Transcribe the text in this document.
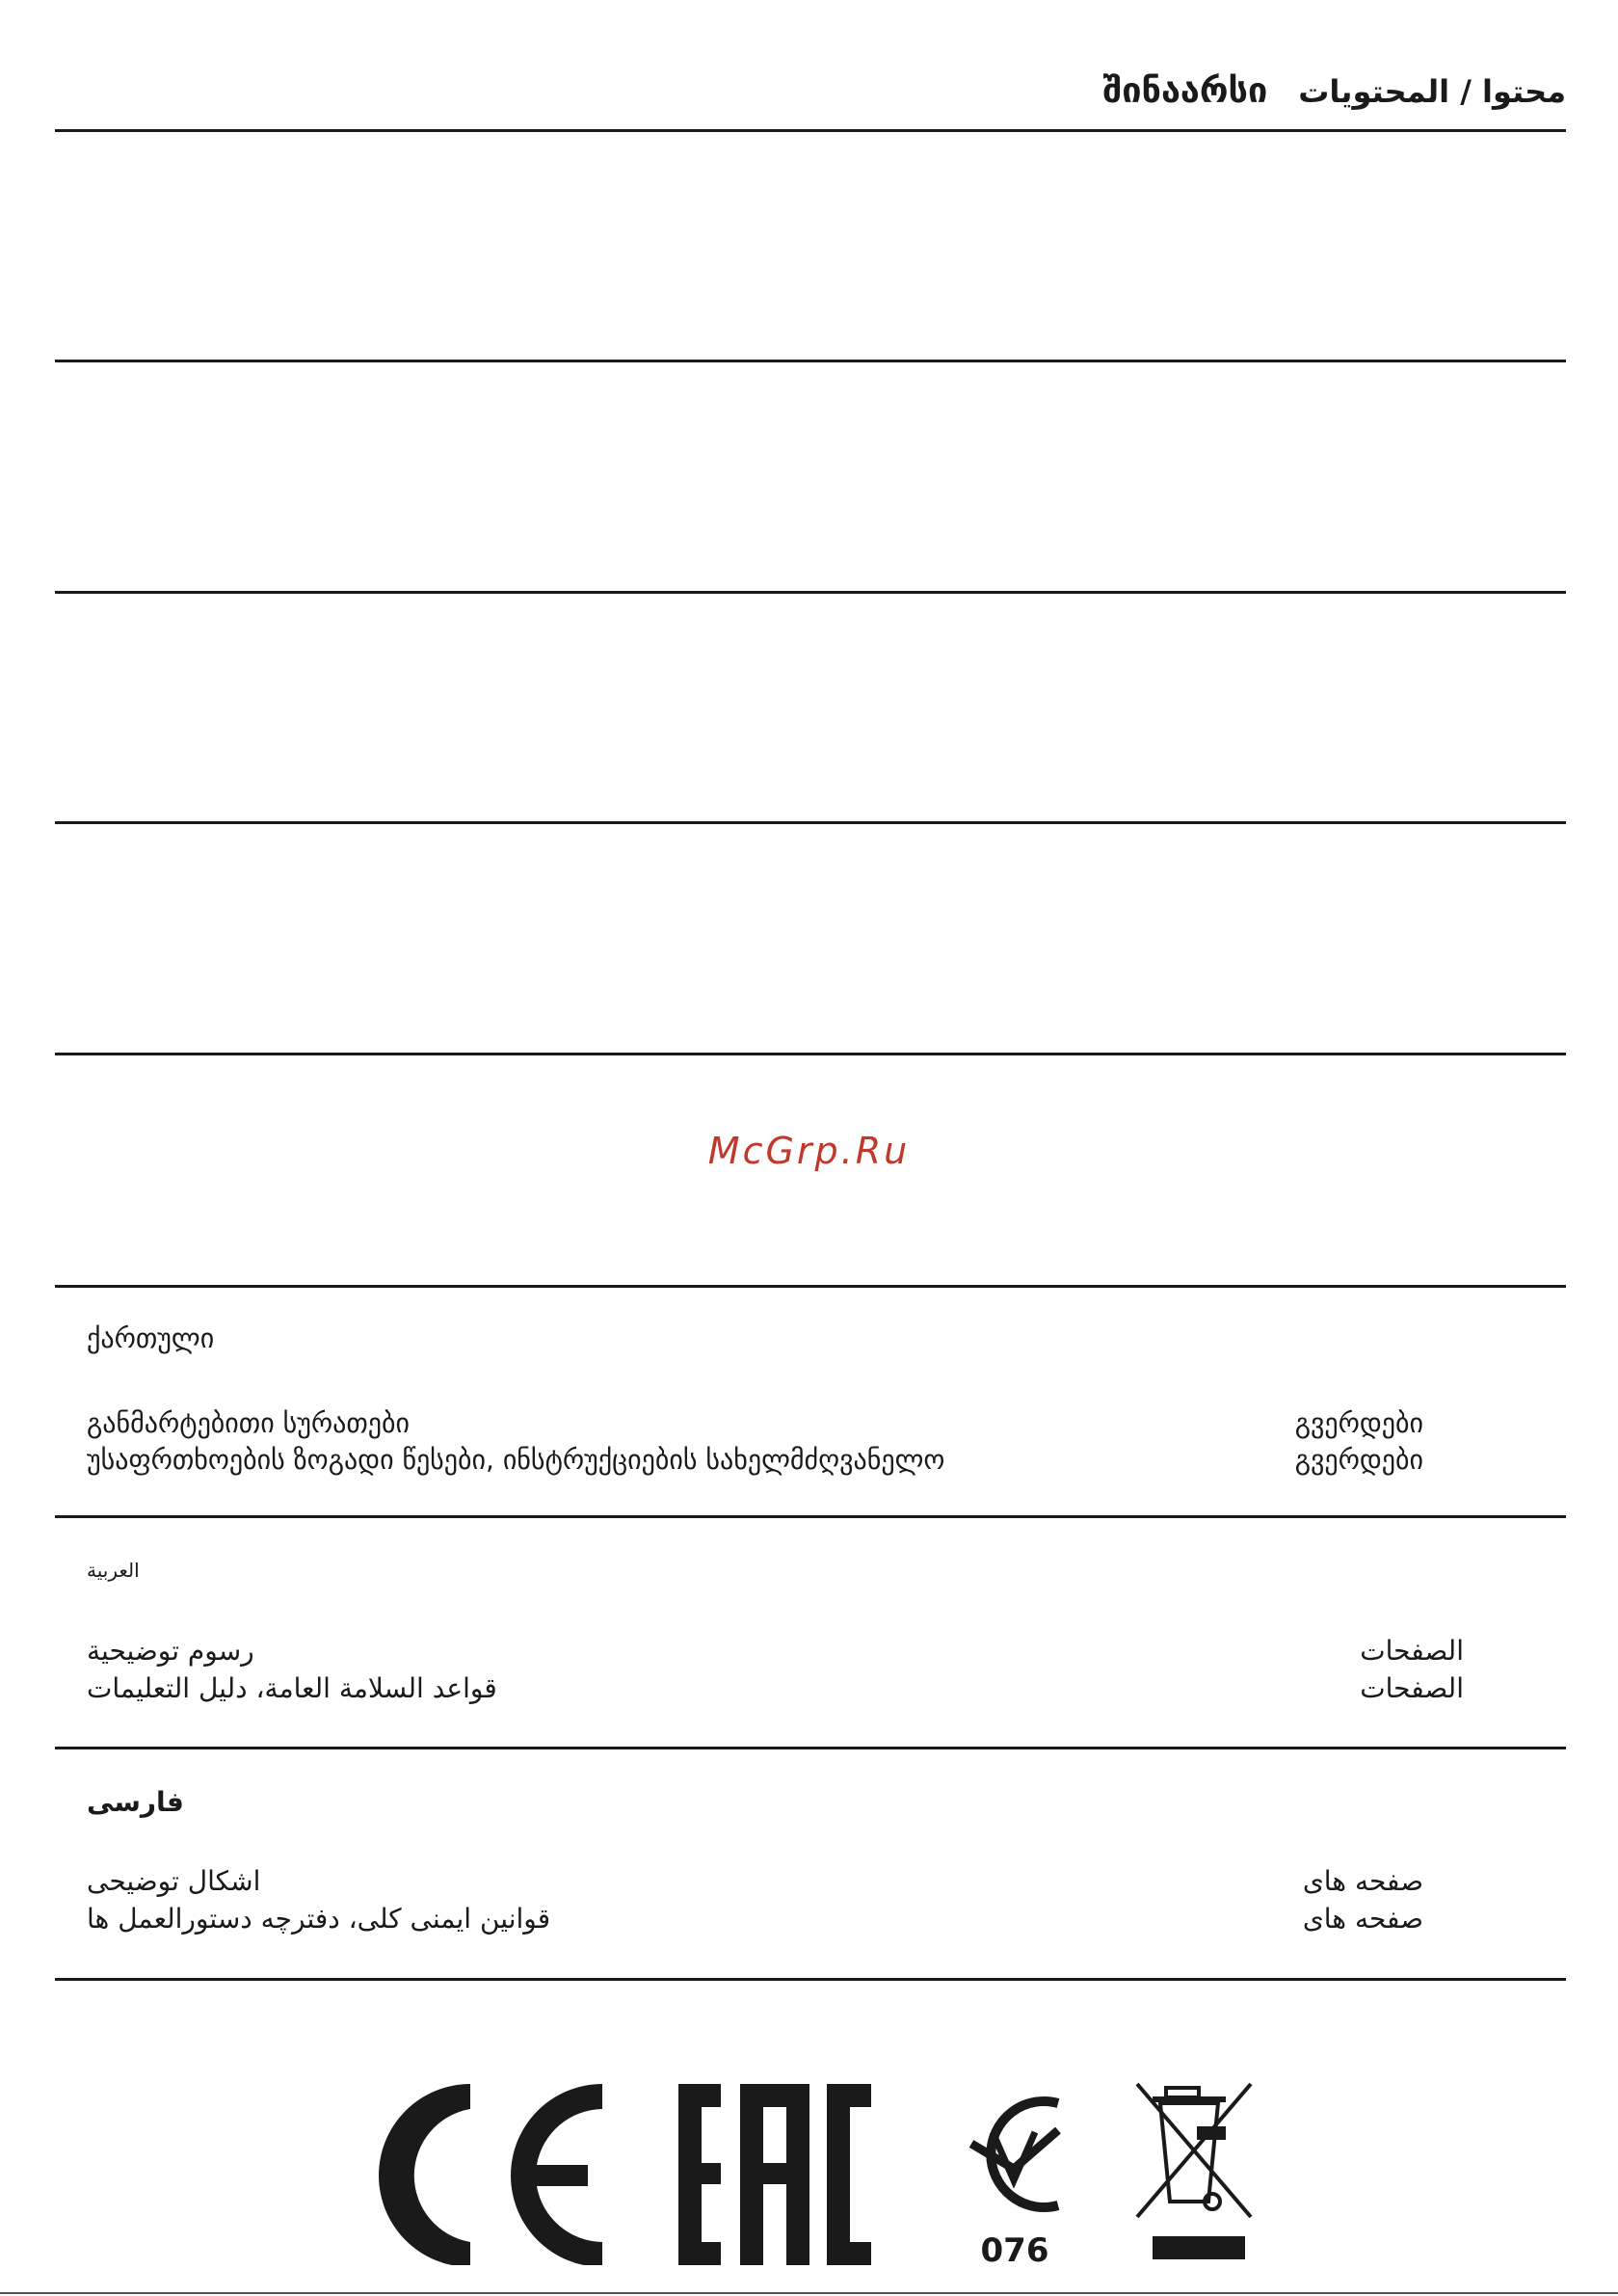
შინაარსი	محتوا / المحتويات
McGrp.Ru
ქართული
განმარტებითი სურათები	გვერდები
უსაფრთხოების ზოგადი წესები, ინსტრუქციების სახელმძღვანელო	გვერდები
العربية
رسوم توضيحية	الصفحات
قواعد السلامة العامة، دليل التعليمات	الصفحات
فارسی
اشکال توضیحی	صفحه های
قوانین ایمنی کلی، دفترچه دستورالعمل ها	صفحه های
076
